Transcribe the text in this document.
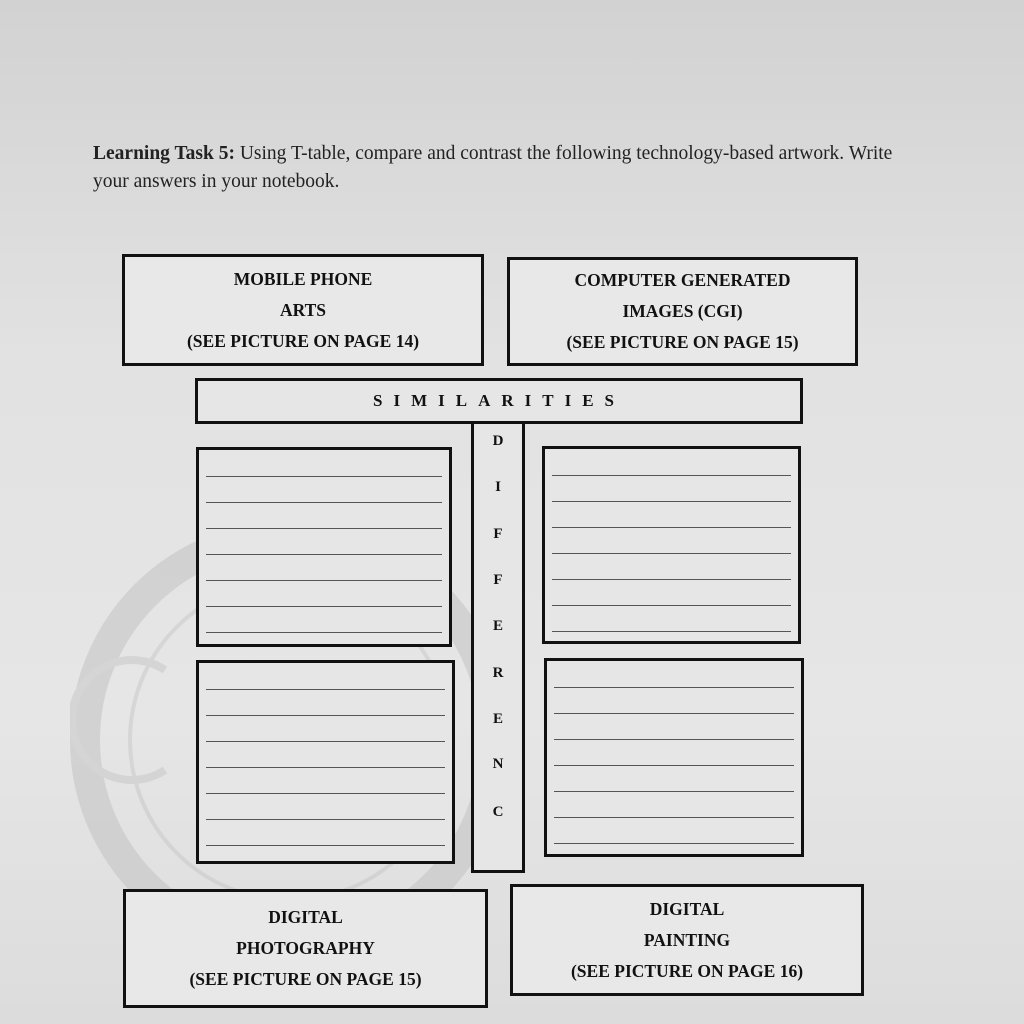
Learning Task 5: Using T-table, compare and contrast the following technology-based artwork. Write your answers in your notebook.
MOBILE PHONE
ARTS
(SEE PICTURE ON PAGE 14)
COMPUTER GENERATED
IMAGES (CGI)
(SEE PICTURE ON PAGE 15)
SIMILARITIES
D
I
F
F
E
R
E
N
C
DIGITAL
PHOTOGRAPHY
(SEE PICTURE ON PAGE 15)
DIGITAL
PAINTING
(SEE PICTURE ON PAGE 16)
